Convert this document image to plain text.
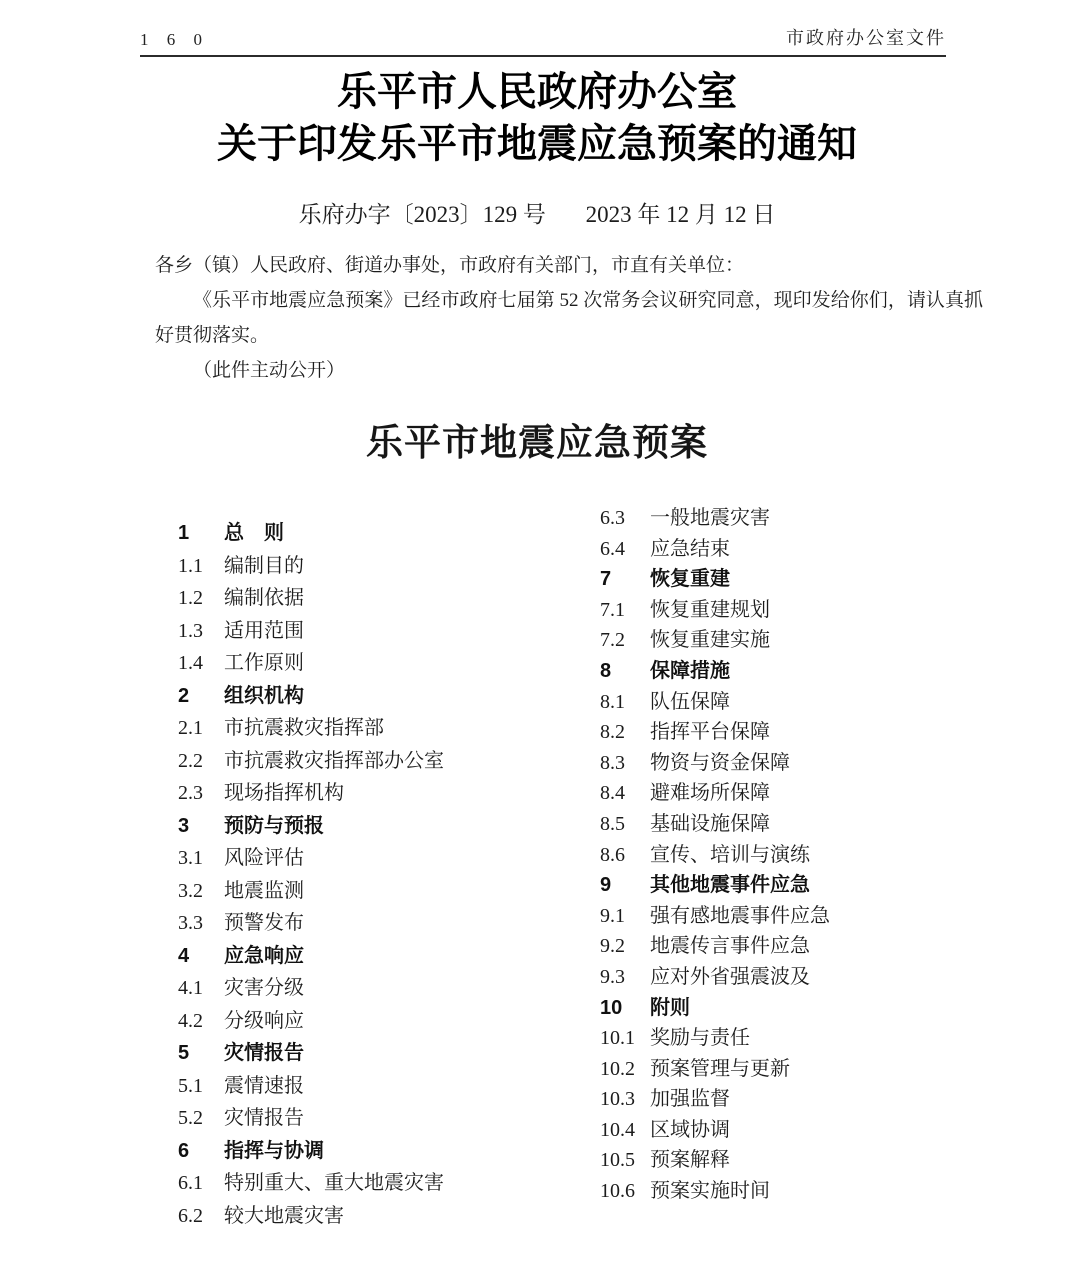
1 6 0	市政府办公室文件
乐平市人民政府办公室
关于印发乐平市地震应急预案的通知
乐府办字〔2023〕129 号 2023 年 12 月 12 日

各乡（镇）人民政府、街道办事处，市政府有关部门，市直有关单位：

《乐平市地震应急预案》已经市政府七届第 52 次常务会议研究同意，现印发给你们，请认真抓好贯彻落实。

（此件主动公开）

乐平市地震应急预案
1	总　则
1.1	编制目的
1.2	编制依据
1.3	适用范围
1.4	工作原则
2	组织机构
2.1	市抗震救灾指挥部
2.2	市抗震救灾指挥部办公室
2.3	现场指挥机构
3	预防与预报
3.1	风险评估
3.2	地震监测
3.3	预警发布
4	应急响应
4.1	灾害分级
4.2	分级响应
5	灾情报告
5.1	震情速报
5.2	灾情报告
6	指挥与协调
6.1	特别重大、重大地震灾害
6.2	较大地震灾害
6.3	一般地震灾害
6.4	应急结束
7	恢复重建
7.1	恢复重建规划
7.2	恢复重建实施
8	保障措施
8.1	队伍保障
8.2	指挥平台保障
8.3	物资与资金保障
8.4	避难场所保障
8.5	基础设施保障
8.6	宣传、培训与演练
9	其他地震事件应急
9.1	强有感地震事件应急
9.2	地震传言事件应急
9.3	应对外省强震波及
10	附则
10.1 奖励与责任
10.2 预案管理与更新
10.3 加强监督
10.4 区域协调
10.5 预案解释
10.6 预案实施时间
